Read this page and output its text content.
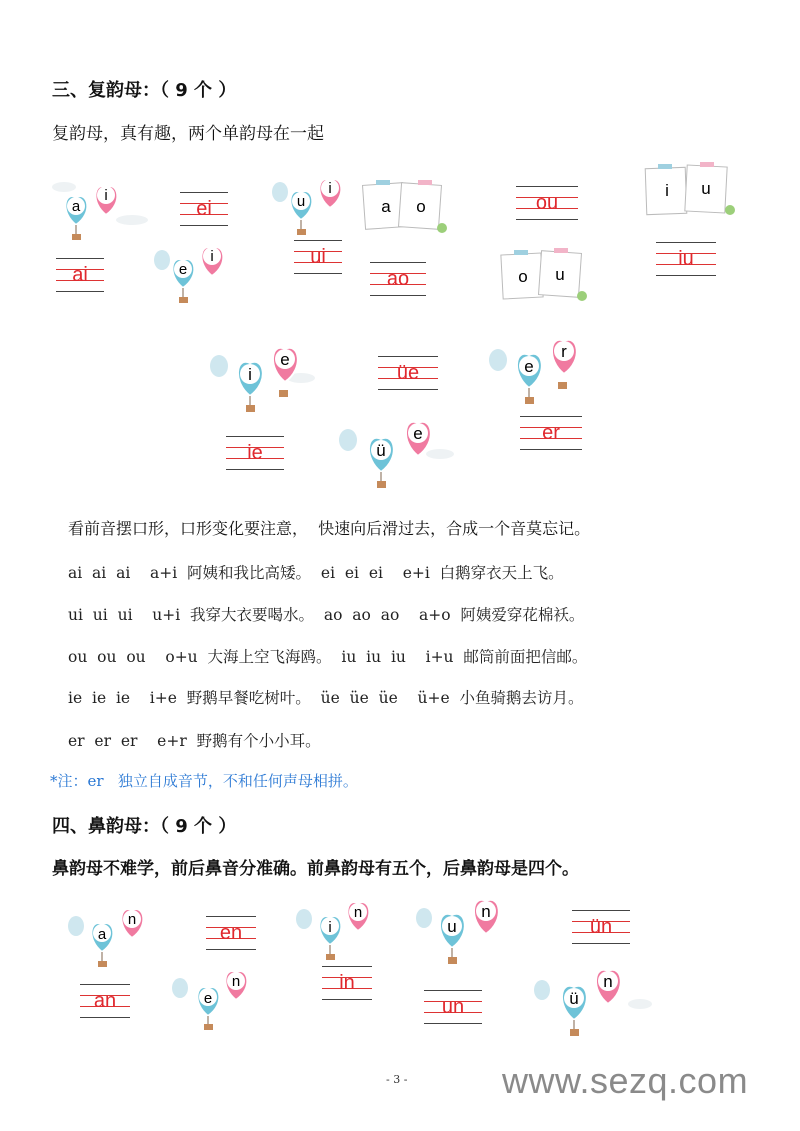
三、复韵母：（ 9 个 ）
复韵母，真有趣，两个单韵母在一起
a
i
ai
ei
e
i
u
i
ui
a o
ao
ou
o u
i u
iu
i
e
ie
üe
ü
e
e
r
er
看前音摆口形，口形变化要注意，  快速向后滑过去，合成一个音莫忘记。
ai  ai  ai    a+i  阿姨和我比高矮。  ei  ei  ei    e+i  白鹅穿衣天上飞。
ui  ui  ui    u+i  我穿大衣要喝水。  ao  ao  ao    a+o  阿姨爱穿花棉袄。
ou  ou  ou    o+u  大海上空飞海鸥。  iu  iu  iu    i+u  邮筒前面把信邮。
ie  ie  ie    i+e  野鹅早餐吃树叶。  üe  üe  üe    ü+e  小鱼骑鹅去访月。
er  er  er    e+r  野鹅有个小小耳。
*注：er   独立自成音节，不和任何声母相拼。
四、鼻韵母：（ 9 个 ）
鼻韵母不难学，前后鼻音分准确。前鼻韵母有五个，后鼻韵母是四个。
a
n
an
en
e
n
i
n
in
u
n
un
ün
ü
n
- 3 -	www.sezq.com
